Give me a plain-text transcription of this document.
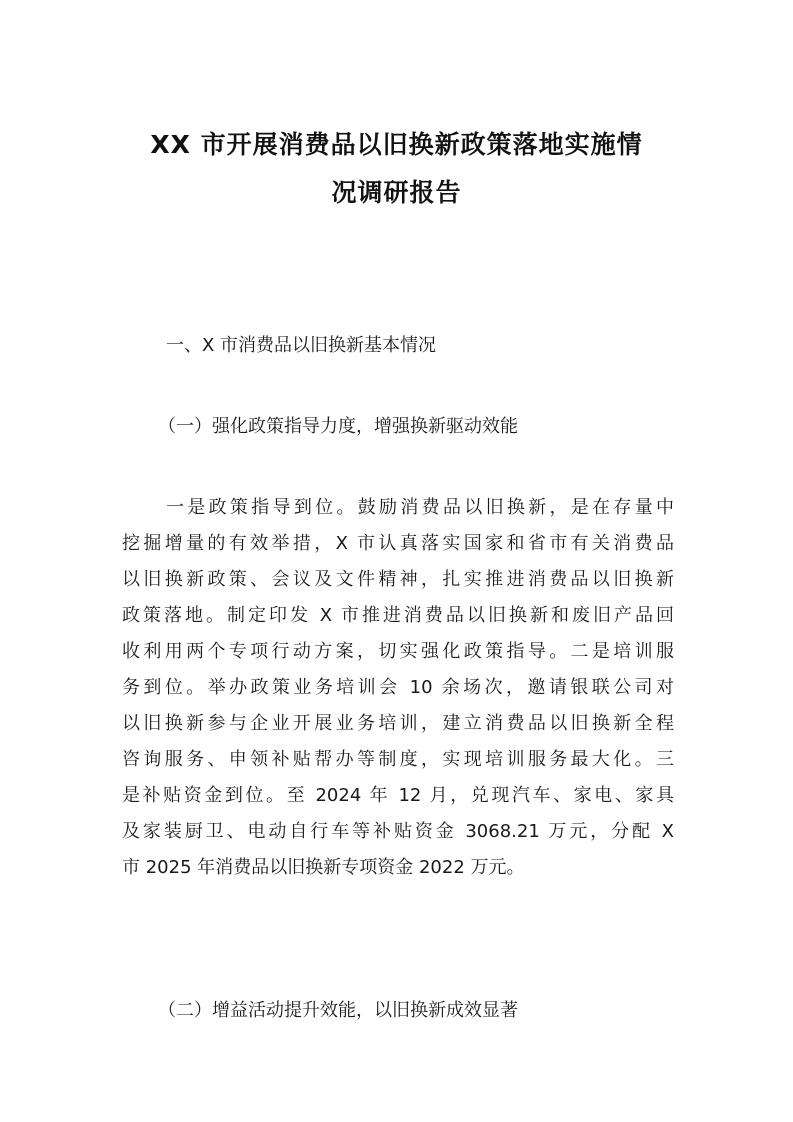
XX 市开展消费品以旧换新政策落地实施情
况调研报告
一、X 市消费品以旧换新基本情况
（一）强化政策指导力度，增强换新驱动效能
一是政策指导到位。鼓励消费品以旧换新，是在存量中
挖掘增量的有效举措，X 市认真落实国家和省市有关消费品
以旧换新政策、会议及文件精神，扎实推进消费品以旧换新
政策落地。制定印发 X 市推进消费品以旧换新和废旧产品回
收利用两个专项行动方案，切实强化政策指导。二是培训服
务到位。举办政策业务培训会 10 余场次，邀请银联公司对
以旧换新参与企业开展业务培训，建立消费品以旧换新全程
咨询服务、申领补贴帮办等制度，实现培训服务最大化。三
是补贴资金到位。至 2024 年 12 月，兑现汽车、家电、家具
及家装厨卫、电动自行车等补贴资金 3068.21 万元，分配 X
市 2025 年消费品以旧换新专项资金 2022 万元。
（二）增益活动提升效能，以旧换新成效显著
